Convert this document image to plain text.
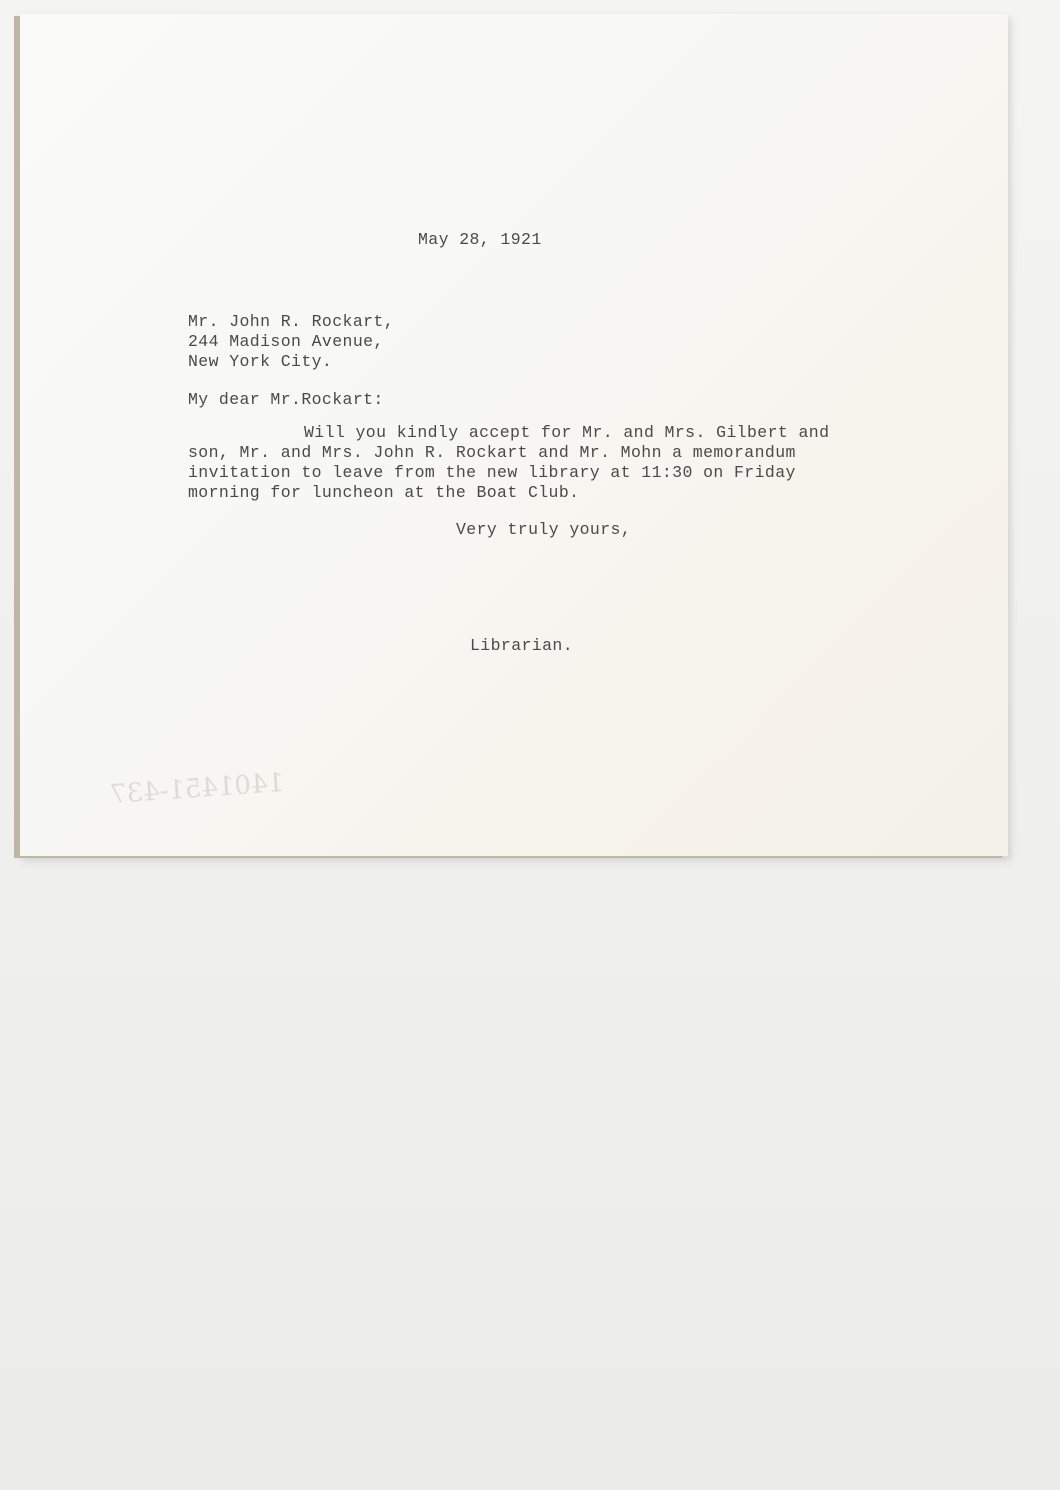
May 28, 1921
Mr. John R. Rockart,
244 Madison Avenue,
New York City.
My dear Mr.Rockart:
Will you kindly accept for Mr. and Mrs. Gilbert and
son, Mr. and Mrs. John R. Rockart and Mr. Mohn a memorandum
invitation to leave from the new library at 11:30 on Friday
morning for luncheon at the Boat Club.
Very truly yours,
Librarian.
1401451-437
